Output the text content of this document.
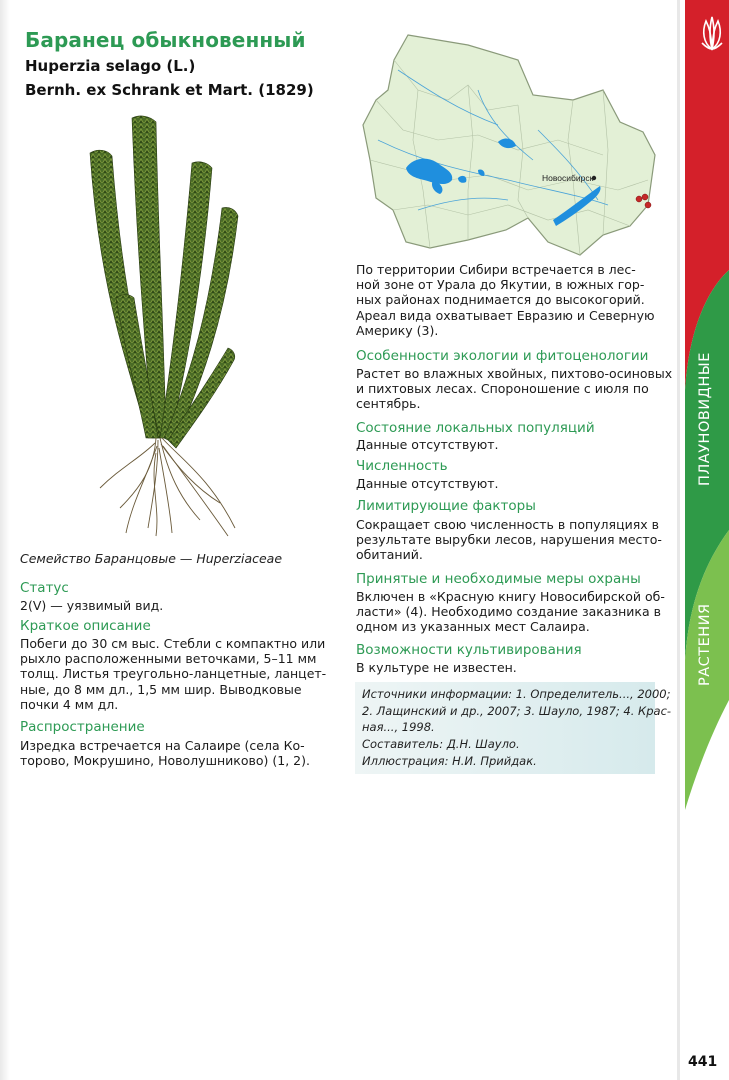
Баранец обыкновенный
Huperzia selago (L.)
Bernh. ex Schrank et Mart. (1829)
Семейство Баранцовые — Huperziaceae
Новосибирск
Статус
2(V) — уязвимый вид.
Краткое описание
Побеги до 30 см выс. Стебли с компактно или
рыхло расположенными веточками, 5–11 мм
толщ. Листья треугольно-ланцетные, ланцет-
ные, до 8 мм дл., 1,5 мм шир. Выводковые
почки 4 мм дл.
Распространение
Изредка встречается на Салаире (села Ко-
торово, Мокрушино, Новолушниково) (1, 2).
По территории Сибири встречается в лес-
ной зоне от Урала до Якутии, в южных гор-
ных районах поднимается до высокогорий.
Ареал вида охватывает Евразию и Северную
Америку (3).
Особенности экологии и фитоценологии
Растет во влажных хвойных, пихтово-осиновых
и пихтовых лесах. Спороношение с июля по
сентябрь.
Состояние локальных популяций
Данные отсутствуют.
Численность
Данные отсутствуют.
Лимитирующие факторы
Сокращает свою численность в популяциях в
результате вырубки лесов, нарушения место-
обитаний.
Принятые и необходимые меры охраны
Включен в «Красную книгу Новосибирской об-
ласти» (4). Необходимо создание заказника в
одном из указанных мест Салаира.
Возможности культивирования
В культуре не известен.
Источники информации: 1. Определитель..., 2000;
2. Лащинский и др., 2007; 3. Шауло, 1987; 4. Крас-
ная..., 1998.
Составитель: Д.Н. Шауло.
Иллюстрация: Н.И. Прийдак.
ПЛАУНОВИДНЫЕ
РАСТЕНИЯ
441
